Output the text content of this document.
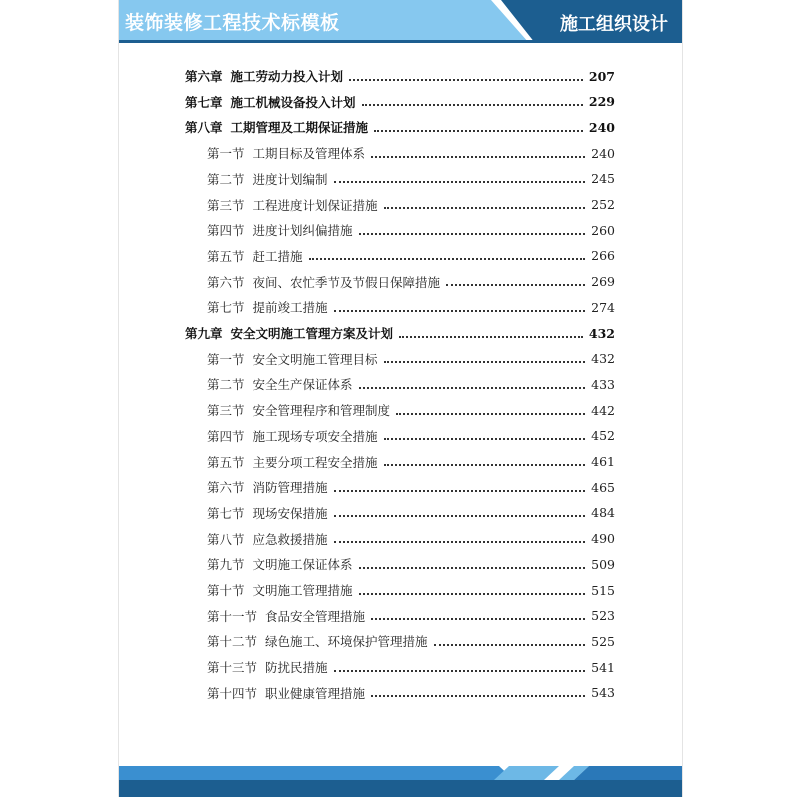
装饰装修工程技术标模板	施工组织设计
第六章 施工劳动力投入计划	207
第七章 施工机械设备投入计划	229
第八章 工期管理及工期保证措施	240
第一节 工期目标及管理体系	240
第二节 进度计划编制	245
第三节 工程进度计划保证措施	252
第四节 进度计划纠偏措施	260
第五节 赶工措施	266
第六节 夜间、农忙季节及节假日保障措施	269
第七节 提前竣工措施	274
第九章 安全文明施工管理方案及计划	432
第一节 安全文明施工管理目标	432
第二节 安全生产保证体系	433
第三节 安全管理程序和管理制度	442
第四节 施工现场专项安全措施	452
第五节 主要分项工程安全措施	461
第六节 消防管理措施	465
第七节 现场安保措施	484
第八节 应急救援措施	490
第九节 文明施工保证体系	509
第十节 文明施工管理措施	515
第十一节 食品安全管理措施	523
第十二节 绿色施工、环境保护管理措施	525
第十三节 防扰民措施	541
第十四节 职业健康管理措施	543
